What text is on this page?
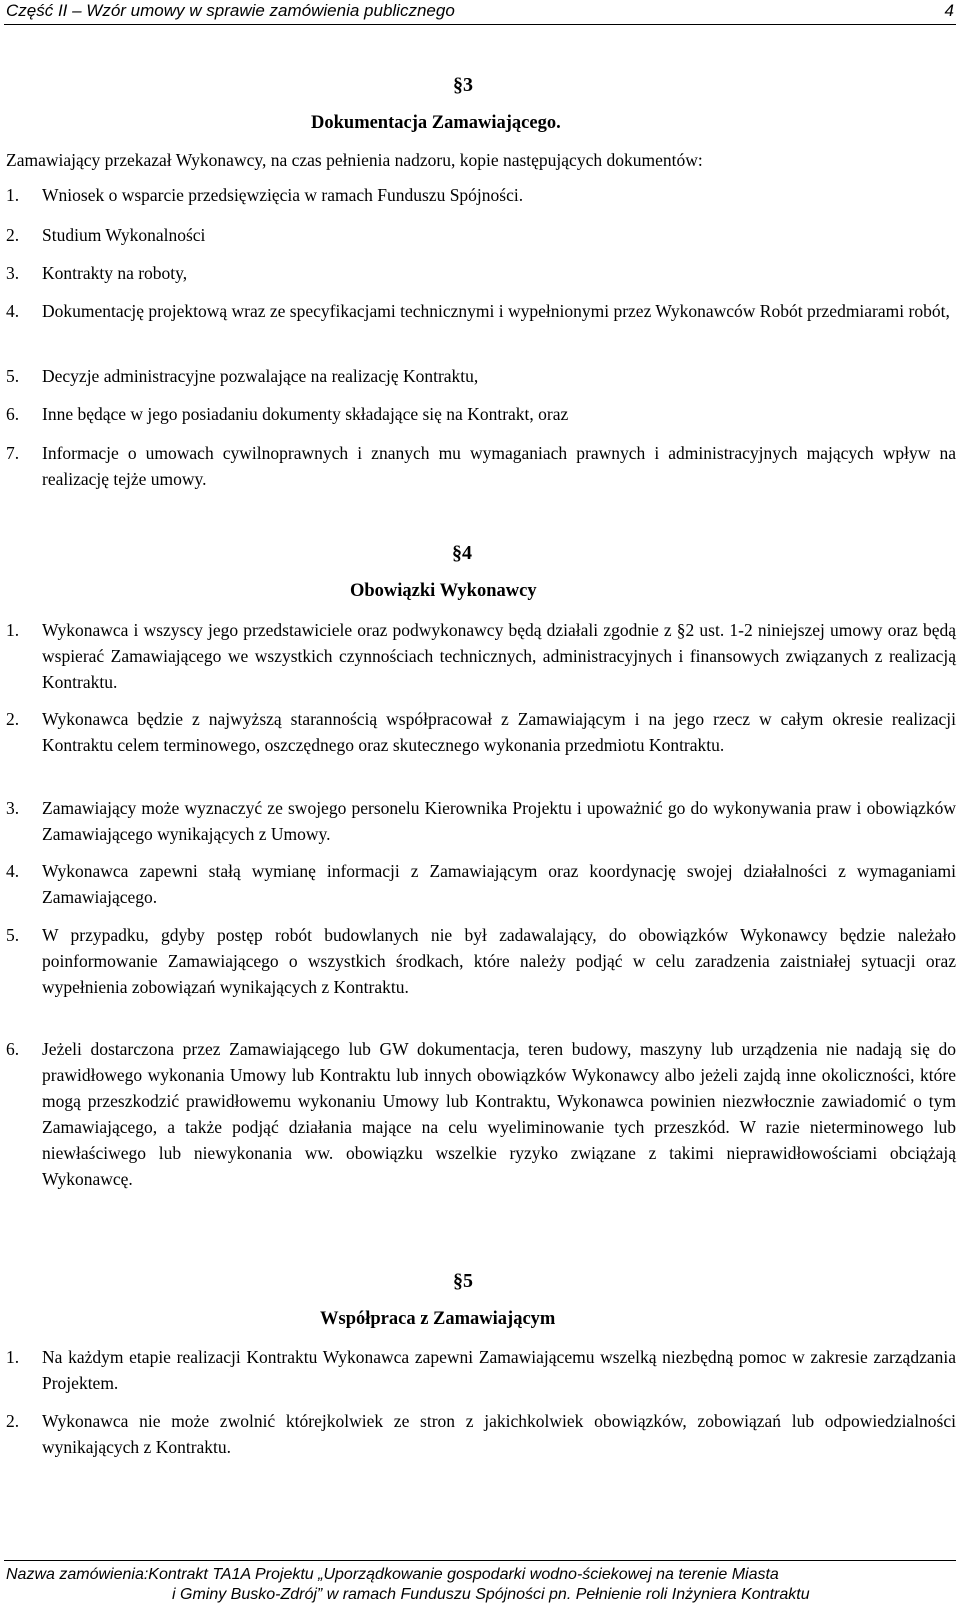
Część II – Wzór umowy w sprawie zamówienia publicznego	4
§3
Dokumentacja Zamawiającego.
Zamawiający przekazał Wykonawcy, na czas pełnienia nadzoru, kopie następujących dokumentów:
1. Wniosek o wsparcie przedsięwzięcia w ramach Funduszu Spójności.
2. Studium Wykonalności
3. Kontrakty na roboty,
4. Dokumentację projektową wraz ze specyfikacjami technicznymi i wypełnionymi przez Wykonawców Robót przedmiarami robót,
5. Decyzje administracyjne pozwalające na realizację Kontraktu,
6. Inne będące w jego posiadaniu dokumenty składające się na Kontrakt, oraz
7. Informacje o umowach cywilnoprawnych i znanych mu wymaganiach prawnych i administracyjnych mających wpływ na realizację tejże umowy.
§4
Obowiązki Wykonawcy
1. Wykonawca i wszyscy jego przedstawiciele oraz podwykonawcy będą działali zgodnie z §2 ust. 1-2 niniejszej umowy oraz będą wspierać Zamawiającego we wszystkich czynnościach technicznych, administracyjnych i finansowych związanych z realizacją Kontraktu.
2. Wykonawca będzie z najwyższą starannością współpracował z Zamawiającym i na jego rzecz w całym okresie realizacji Kontraktu celem terminowego, oszczędnego oraz skutecznego wykonania przedmiotu Kontraktu.
3. Zamawiający może wyznaczyć ze swojego personelu Kierownika Projektu i upoważnić go do wykonywania praw i obowiązków Zamawiającego wynikających z Umowy.
4. Wykonawca zapewni stałą wymianę informacji z Zamawiającym oraz koordynację swojej działalności z wymaganiami Zamawiającego.
5. W przypadku, gdyby postęp robót budowlanych nie był zadawalający, do obowiązków Wykonawcy będzie należało poinformowanie Zamawiającego o wszystkich środkach, które należy podjąć w celu zaradzenia zaistniałej sytuacji oraz wypełnienia zobowiązań wynikających z Kontraktu.
6. Jeżeli dostarczona przez Zamawiającego lub GW dokumentacja, teren budowy, maszyny lub urządzenia nie nadają się do prawidłowego wykonania Umowy lub Kontraktu lub innych obowiązków Wykonawcy albo jeżeli zajdą inne okoliczności, które mogą przeszkodzić prawidłowemu wykonaniu Umowy lub Kontraktu, Wykonawca powinien niezwłocznie zawiadomić o tym Zamawiającego, a także podjąć działania mające na celu wyeliminowanie tych przeszkód. W razie nieterminowego lub niewłaściwego lub niewykonania ww. obowiązku wszelkie ryzyko związane z takimi nieprawidłowościami obciążają Wykonawcę.
§5
Współpraca z Zamawiającym
1. Na każdym etapie realizacji Kontraktu Wykonawca zapewni Zamawiającemu wszelką niezbędną pomoc w zakresie zarządzania Projektem.
2. Wykonawca nie może zwolnić którejkolwiek ze stron z jakichkolwiek obowiązków, zobowiązań lub odpowiedzialności wynikających z Kontraktu.
Nazwa zamówienia:Kontrakt TA1A Projektu „Uporządkowanie gospodarki wodno-ściekowej na terenie Miasta
i Gminy Busko-Zdrój” w ramach Funduszu Spójności pn. Pełnienie roli Inżyniera Kontraktu
